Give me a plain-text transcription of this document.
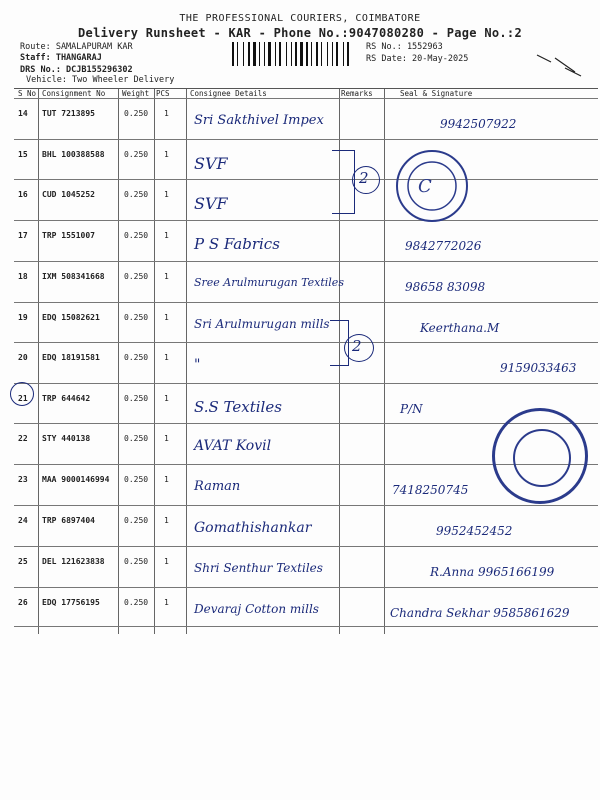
THE PROFESSIONAL COURIERS, COIMBATORE
Delivery Runsheet - KAR - Phone No.:9047080280 - Page No.:2
Route: SAMALAPURAM KAR
Staff: THANGARAJ
DRS No.: DCJB155296302
Vehicle: Two Wheeler Delivery
RS No.: 1552963
RS Date: 20-May-2025
S No Consignment No Weight PCS	Consignee Details	Remarks	Seal & Signature
14 TUT 7213895	0.250 1 Sri Sakthivel Impex	9942507922
15 BHL 100388588 0.250 1 SVF
16 CUD 1045252	0.250 1 SVF
17 TRP 1551007	0.250 1 P S Fabrics	9842772026
18 IXM 508341668 0.250 1 Sree Arulmurugan Textiles	98658 83098
19 EDQ 15082621	0.250 1 Sri Arulmurugan mills	Keerthana.M
20 EDQ 18191581	0.250 1 "	9159033463
21 TRP 644642	0.250 1 S.S Textiles	P/N
22 STY 440138	0.250 1 AVAT Kovil
23 MAA 9000146994 0.250 1 Raman	7418250745
24 TRP 6897404	0.250 1 Gomathishankar	9952452452
25 DEL 121623838 0.250 1 Shri Senthur Textiles	R.Anna 9965166199
26 EDQ 17756195	0.250 1 Devaraj Cotton mills	Chandra Sekhar 9585861629
2
2
C
